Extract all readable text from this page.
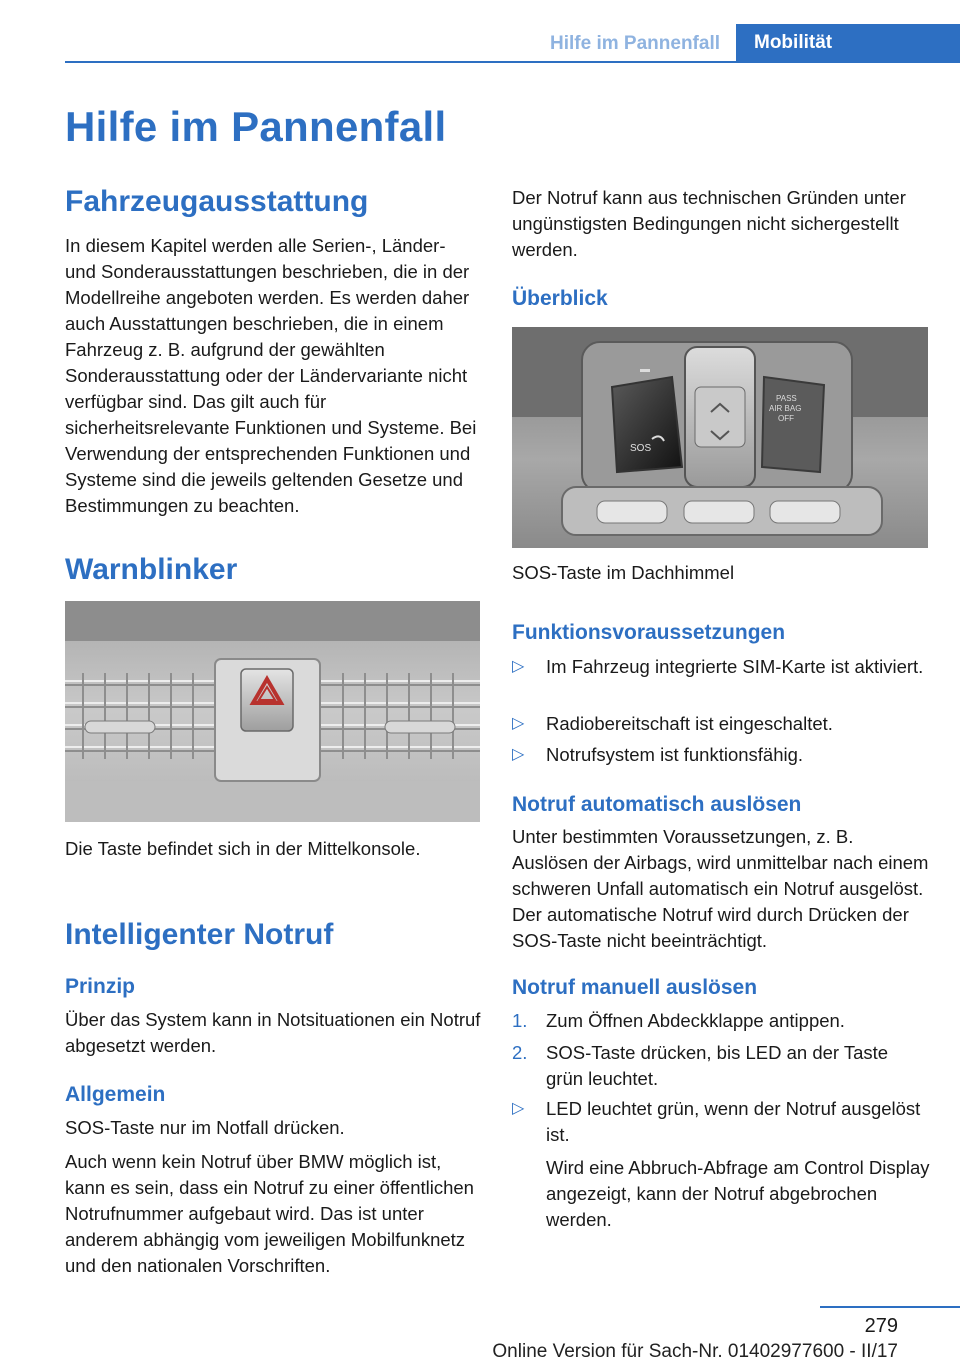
Hilfe im Pannenfall	Mobilität
Hilfe im Pannenfall
Fahrzeugausstattung

In diesem Kapitel werden alle Serien-, Länder- und Sonderausstattungen beschrieben, die in der Modellreihe angeboten werden. Es werden daher auch Ausstattungen beschrieben, die in einem Fahrzeug z. B. aufgrund der gewählten Sonderausstattung oder der Ländervariante nicht verfügbar sind. Das gilt auch für sicherheitsrelevante Funktionen und Systeme. Bei Verwendung der entsprechenden Funktionen und Systeme sind die jeweils geltenden Gesetze und Bestimmungen zu beachten.

Warnblinker

Die Taste befindet sich in der Mittelkonsole.

Intelligenter Notruf
Prinzip

Über das System kann in Notsituationen ein Notruf abgesetzt werden.

Allgemein

SOS-Taste nur im Notfall drücken.

Auch wenn kein Notruf über BMW möglich ist, kann es sein, dass ein Notruf zu einer öffentlichen Notrufnummer aufgebaut wird. Das ist unter anderem abhängig vom jeweiligen Mobilfunknetz und den nationalen Vorschriften.

Der Notruf kann aus technischen Gründen unter ungünstigsten Bedingungen nicht sichergestellt werden.

Überblick
SOS
PASS
AIR BAG
OFF

SOS-Taste im Dachhimmel

Funktionsvoraussetzungen
▷	Im Fahrzeug integrierte SIM-Karte ist aktiviert.
▷	Radiobereitschaft ist eingeschaltet.
▷	Notrufsystem ist funktionsfähig.
Notruf automatisch auslösen

Unter bestimmten Voraussetzungen, z. B. Auslösen der Airbags, wird unmittelbar nach einem schweren Unfall automatisch ein Notruf ausgelöst. Der automatische Notruf wird durch Drücken der SOS-Taste nicht beeinträchtigt.

Notruf manuell auslösen
1.	Zum Öffnen Abdeckklappe antippen.
2.	SOS-Taste drücken, bis LED an der Taste grün leuchtet.
▷	LED leuchtet grün, wenn der Notruf ausgelöst ist.

Wird eine Abbruch-Abfrage am Control Display angezeigt, kann der Notruf abgebrochen werden.

279
Online Version für Sach-Nr. 01402977600 - II/17
